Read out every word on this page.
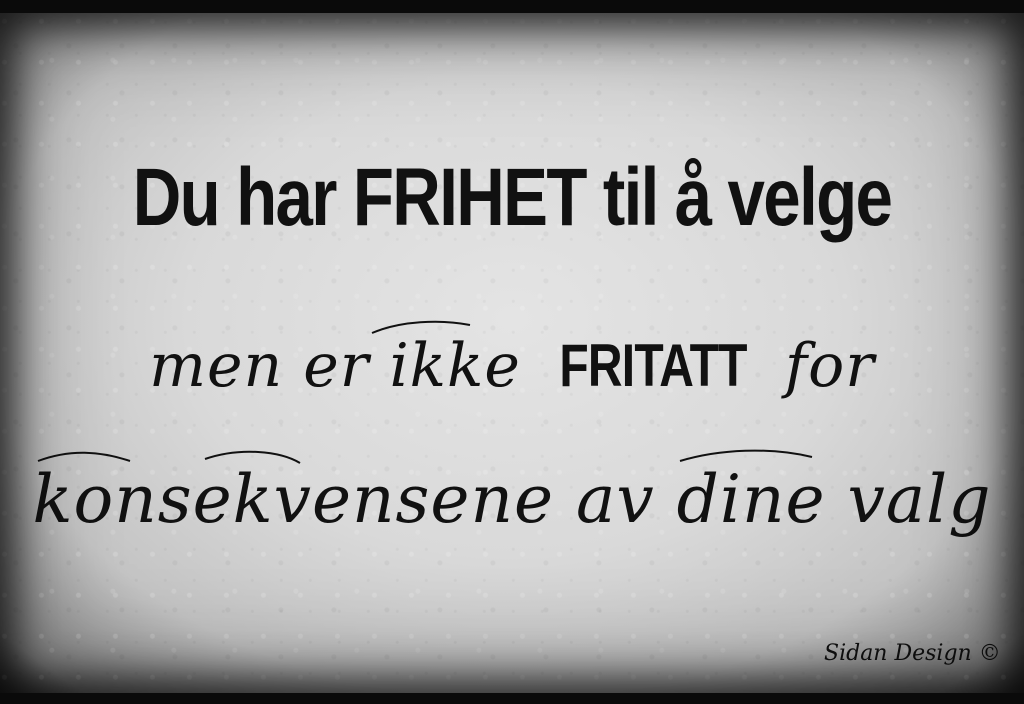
Du har FRIHET til å velge
men er ikke FRITATT for
konsekvensene av dine valg
Sidan Design ©
